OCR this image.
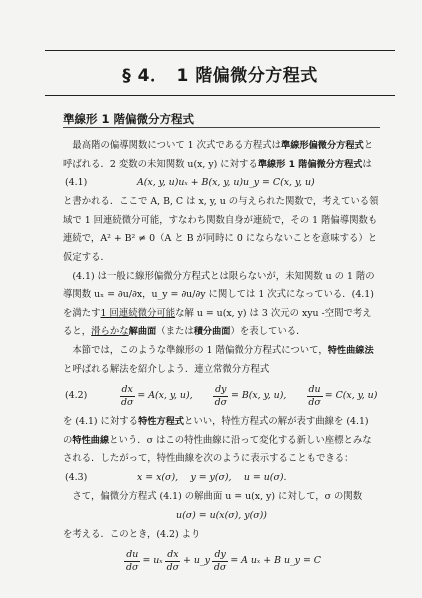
§ 4．　1 階偏微分方程式
準線形 1 階偏微分方程式

最高階の偏導関数について 1 次式である方程式は準線形偏微分方程式と呼ばれる．2 変数の未知関数 u(x, y) に対する準線形 1 階偏微分方程式は

(4.1)	A(x, y, u)uₓ + B(x, y, u)u_y = C(x, y, u)

と書かれる．ここで A, B, C は x, y, u の与えられた関数で，考えている領域で 1 回連続微分可能，すなわち関数自身が連続で，その 1 階偏導関数も連続で，A² + B² ≠ 0（A と B が同時に 0 にならないことを意味する）と仮定する．

(4.1) は一般に線形偏微分方程式とは限らないが，未知関数 u の 1 階の導関数 uₓ = ∂u/∂x，u_y = ∂u/∂y に関しては 1 次式になっている．(4.1) を満たす1 回連続微分可能な解 u = u(x, y) は 3 次元の xyu -空間で考えると，滑らかな解曲面（または積分曲面）を表している．

本節では，このような準線形の 1 階偏微分方程式について，特性曲線法と呼ばれる解法を紹介しよう．連立常微分方程式

(4.2)	$\frac{dx}{d\sigma} = A(x$, y, u), $\frac{dy}{d\sigma} = B(x$, y, u), $\frac{du}{d\sigma} = C(x$, y, u)

を (4.1) に対する特性方程式といい，特性方程式の解が表す曲線を (4.1) の特性曲線という．σ はこの特性曲線に沿って変化する新しい座標とみなされる．したがって，特性曲線を次のように表示することもできる：

(4.3)	x = x(σ),　 y = y(σ),　 u = u(σ).

さて，偏微分方程式 (4.1) の解曲面 u = u(x, y) に対して，σ の関数

u(σ) = u(x(σ), y(σ))

を考える．このとき，(4.2) より

$\frac{du}{d\sigma} = u_x \frac{dx}{d\sigma}$ + u_y $\frac{dy}{d\sigma} = A$ uₓ + B u_y = C
